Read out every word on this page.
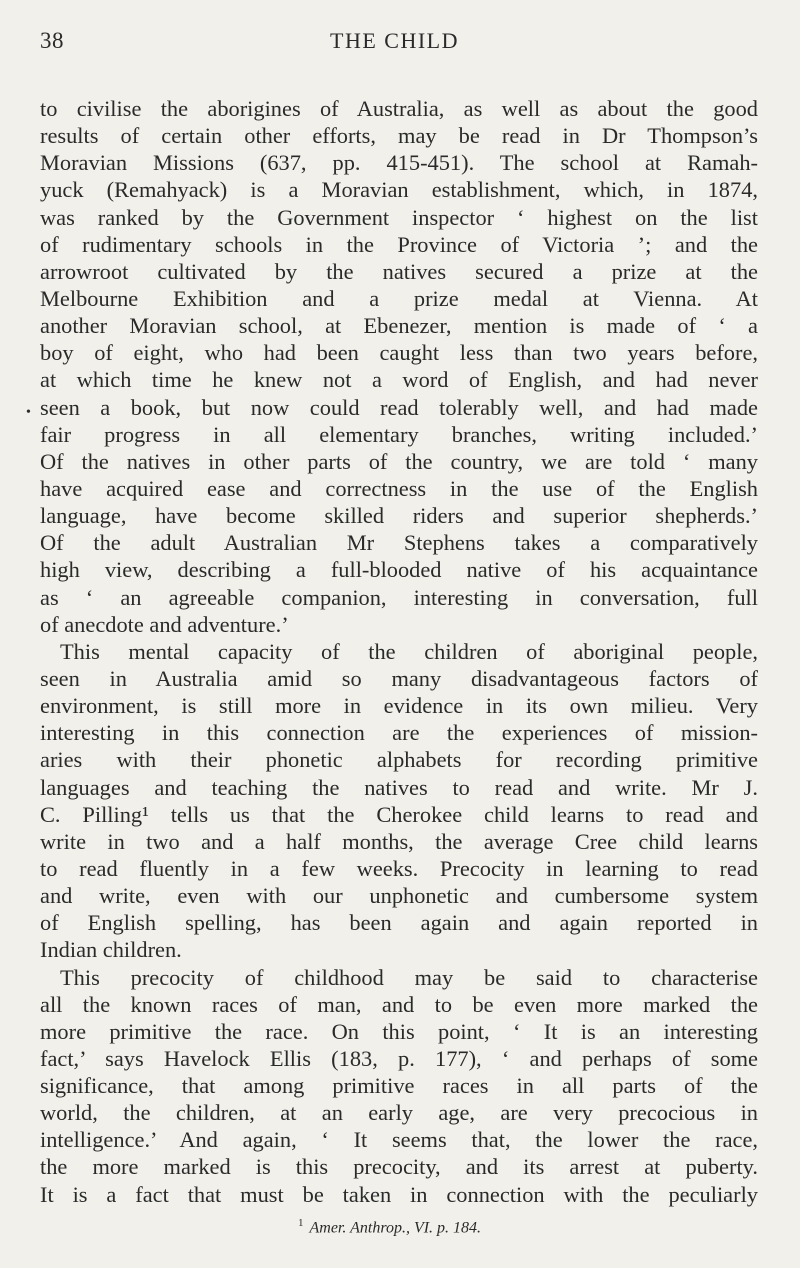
38	THE CHILD
•
to civilise the aborigines of Australia, as well as about the good
results of certain other efforts, may be read in Dr Thompson’s
Moravian Missions (637, pp. 415-451). The school at Ramah-
yuck (Remahyack) is a Moravian establishment, which, in 1874,
was ranked by the Government inspector ‘ highest on the list
of rudimentary schools in the Province of Victoria ’; and the
arrowroot cultivated by the natives secured a prize at the
Melbourne Exhibition and a prize medal at Vienna. At
another Moravian school, at Ebenezer, mention is made of ‘ a
boy of eight, who had been caught less than two years before,
at which time he knew not a word of English, and had never
seen a book, but now could read tolerably well, and had made
fair progress in all elementary branches, writing included.’
Of the natives in other parts of the country, we are told ‘ many
have acquired ease and correctness in the use of the English
language, have become skilled riders and superior shepherds.’
Of the adult Australian Mr Stephens takes a comparatively
high view, describing a full-blooded native of his acquaintance
as ‘ an agreeable companion, interesting in conversation, full
of anecdote and adventure.’
This mental capacity of the children of aboriginal people,
seen in Australia amid so many disadvantageous factors of
environment, is still more in evidence in its own milieu. Very
interesting in this connection are the experiences of mission-
aries with their phonetic alphabets for recording primitive
languages and teaching the natives to read and write. Mr J.
C. Pilling¹ tells us that the Cherokee child learns to read and
write in two and a half months, the average Cree child learns
to read fluently in a few weeks. Precocity in learning to read
and write, even with our unphonetic and cumbersome system
of English spelling, has been again and again reported in
Indian children.
This precocity of childhood may be said to characterise
all the known races of man, and to be even more marked the
more primitive the race. On this point, ‘ It is an interesting
fact,’ says Havelock Ellis (183, p. 177), ‘ and perhaps of some
significance, that among primitive races in all parts of the
world, the children, at an early age, are very precocious in
intelligence.’ And again, ‘ It seems that, the lower the race,
the more marked is this precocity, and its arrest at puberty.
It is a fact that must be taken in connection with the peculiarly
$^1$ Amer. Anthrop., VI. p. 184.
